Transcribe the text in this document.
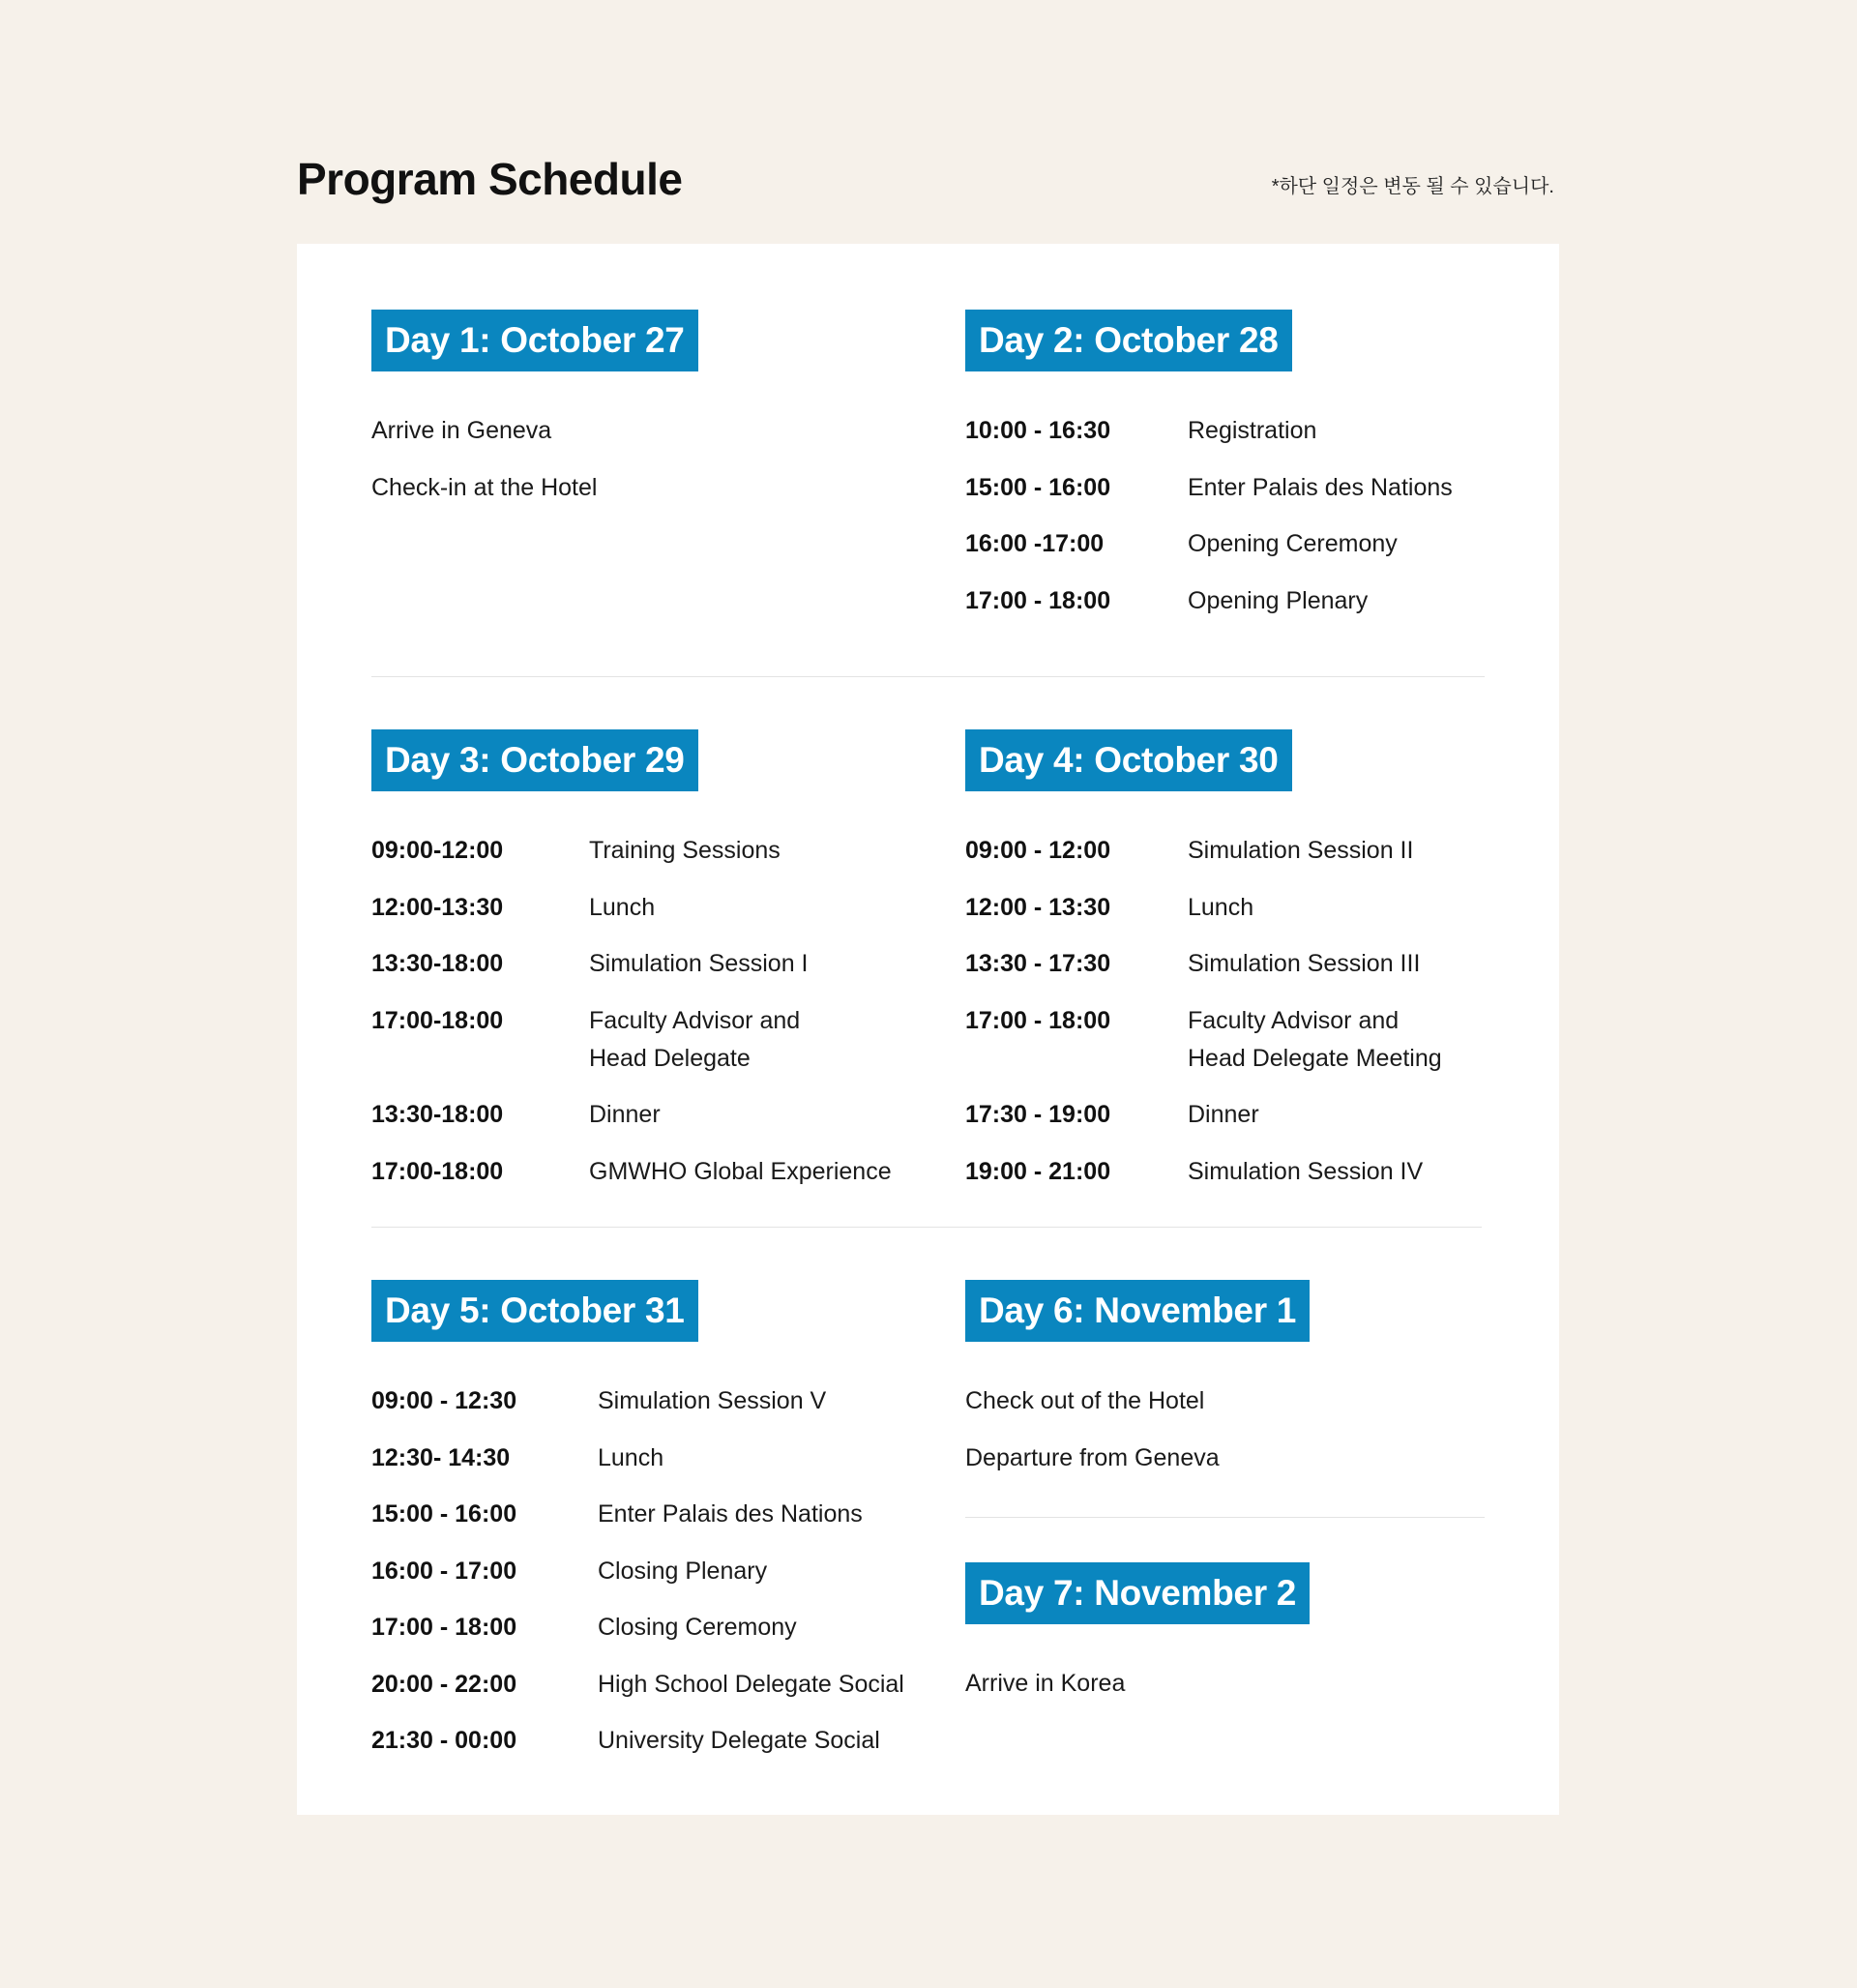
Program Schedule	*하단 일정은 변동 될 수 있습니다.
Day 1: October 27
Arrive in Geneva
Check-in at the Hotel
Day 2: October 28
10:00 - 16:30	Registration
15:00 - 16:00	Enter Palais des Nations
16:00 -17:00	Opening Ceremony
17:00 - 18:00	Opening Plenary
Day 3: October 29
09:00-12:00	Training Sessions
12:00-13:30	Lunch
13:30-18:00	Simulation Session I
17:00-18:00	Faculty Advisor and
Head Delegate
13:30-18:00	Dinner
17:00-18:00	GMWHO Global Experience
Day 4: October 30
09:00 - 12:00	Simulation Session II
12:00 - 13:30	Lunch
13:30 - 17:30	Simulation Session III
17:00 - 18:00	Faculty Advisor and
Head Delegate Meeting
17:30 - 19:00	Dinner
19:00 - 21:00	Simulation Session IV
Day 5: October 31
09:00 - 12:30	Simulation Session V
12:30- 14:30	Lunch
15:00 - 16:00	Enter Palais des Nations
16:00 - 17:00	Closing Plenary
17:00 - 18:00	Closing Ceremony
20:00 - 22:00	High School Delegate Social
21:30 - 00:00	University Delegate Social
Day 6: November 1
Check out of the Hotel
Departure from Geneva
Day 7: November 2
Arrive in Korea
